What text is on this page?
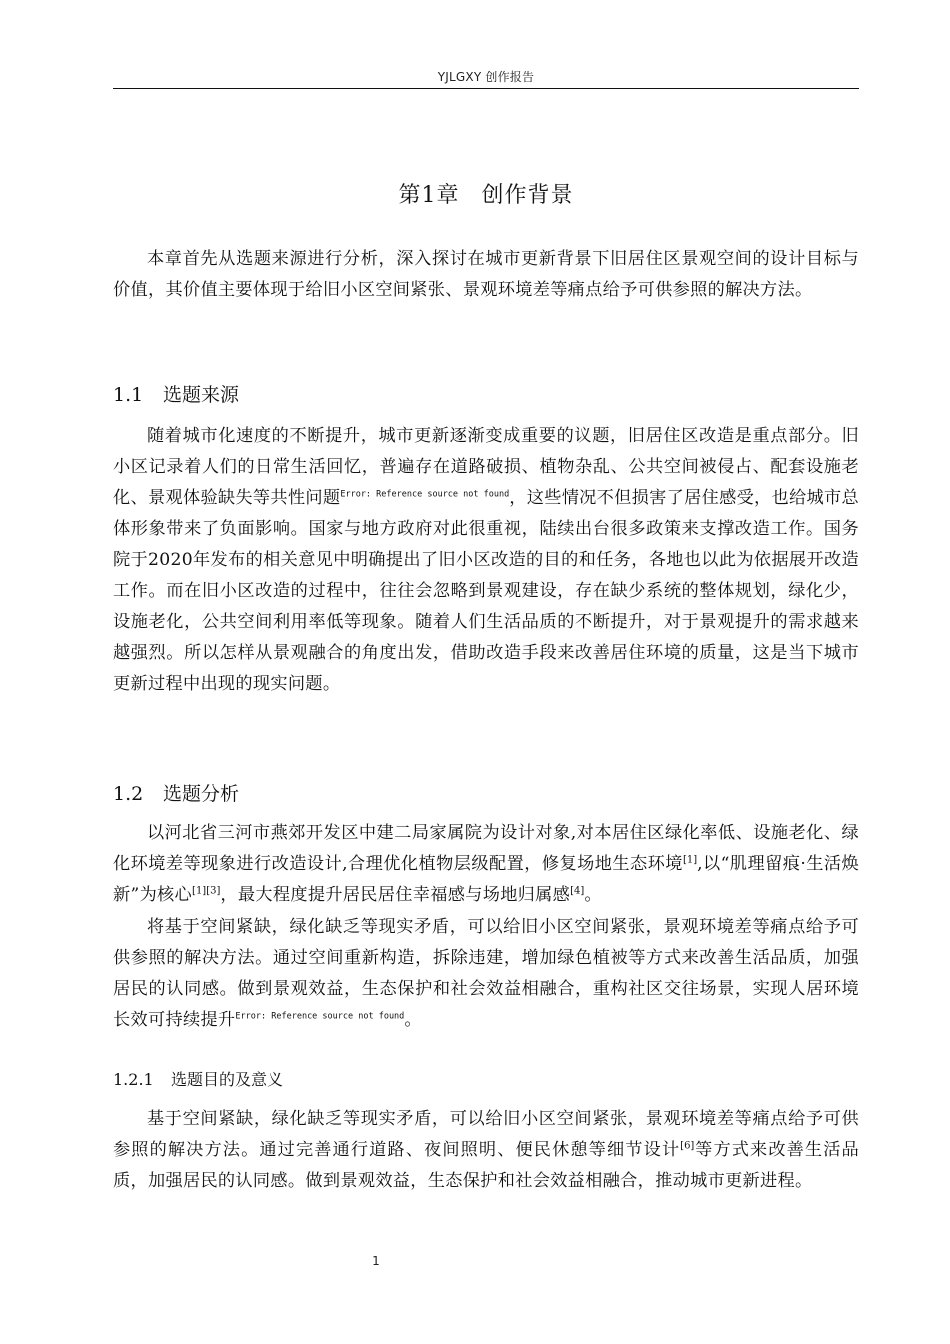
YJLGXY 创作报告
第1章 创作背景

本章首先从选题来源进行分析，深入探讨在城市更新背景下旧居住区景观空间的设计目标与价值，其价值主要体现于给旧小区空间紧张、景观环境差等痛点给予可供参照的解决方法。

1.1 选题来源

随着城市化速度的不断提升，城市更新逐渐变成重要的议题，旧居住区改造是重点部分。旧小区记录着人们的日常生活回忆，普遍存在道路破损、植物杂乱、公共空间被侵占、配套设施老化、景观体验缺失等共性问题$^{Error: Reference source not found}$，这些情况不但损害了居住感受，也给城市总体形象带来了负面影响。国家与地方政府对此很重视，陆续出台很多政策来支撑改造工作。国务院于2020年发布的相关意见中明确提出了旧小区改造的目的和任务，各地也以此为依据展开改造工作。而在旧小区改造的过程中，往往会忽略到景观建设，存在缺少系统的整体规划，绿化少，设施老化，公共空间利用率低等现象。随着人们生活品质的不断提升，对于景观提升的需求越来越强烈。所以怎样从景观融合的角度出发，借助改造手段来改善居住环境的质量，这是当下城市更新过程中出现的现实问题。

1.2 选题分析

以河北省三河市燕郊开发区中建二局家属院为设计对象,对本居住区绿化率低、设施老化、绿化环境差等现象进行改造设计,合理优化植物层级配置，修复场地生态环境[1],以“肌理留痕·生活焕新”为核心[1][3]，最大程度提升居民居住幸福感与场地归属感[4]。

将基于空间紧缺，绿化缺乏等现实矛盾，可以给旧小区空间紧张，景观环境差等痛点给予可供参照的解决方法。通过空间重新构造，拆除违建，增加绿色植被等方式来改善生活品质，加强居民的认同感。做到景观效益，生态保护和社会效益相融合，重构社区交往场景，实现人居环境长效可持续提升$^{Error: Reference source not found}$。

1.2.1 选题目的及意义

基于空间紧缺，绿化缺乏等现实矛盾，可以给旧小区空间紧张，景观环境差等痛点给予可供参照的解决方法。通过完善通行道路、夜间照明、便民休憩等细节设计[6]等方式来改善生活品质，加强居民的认同感。做到景观效益，生态保护和社会效益相融合，推动城市更新进程。

1
